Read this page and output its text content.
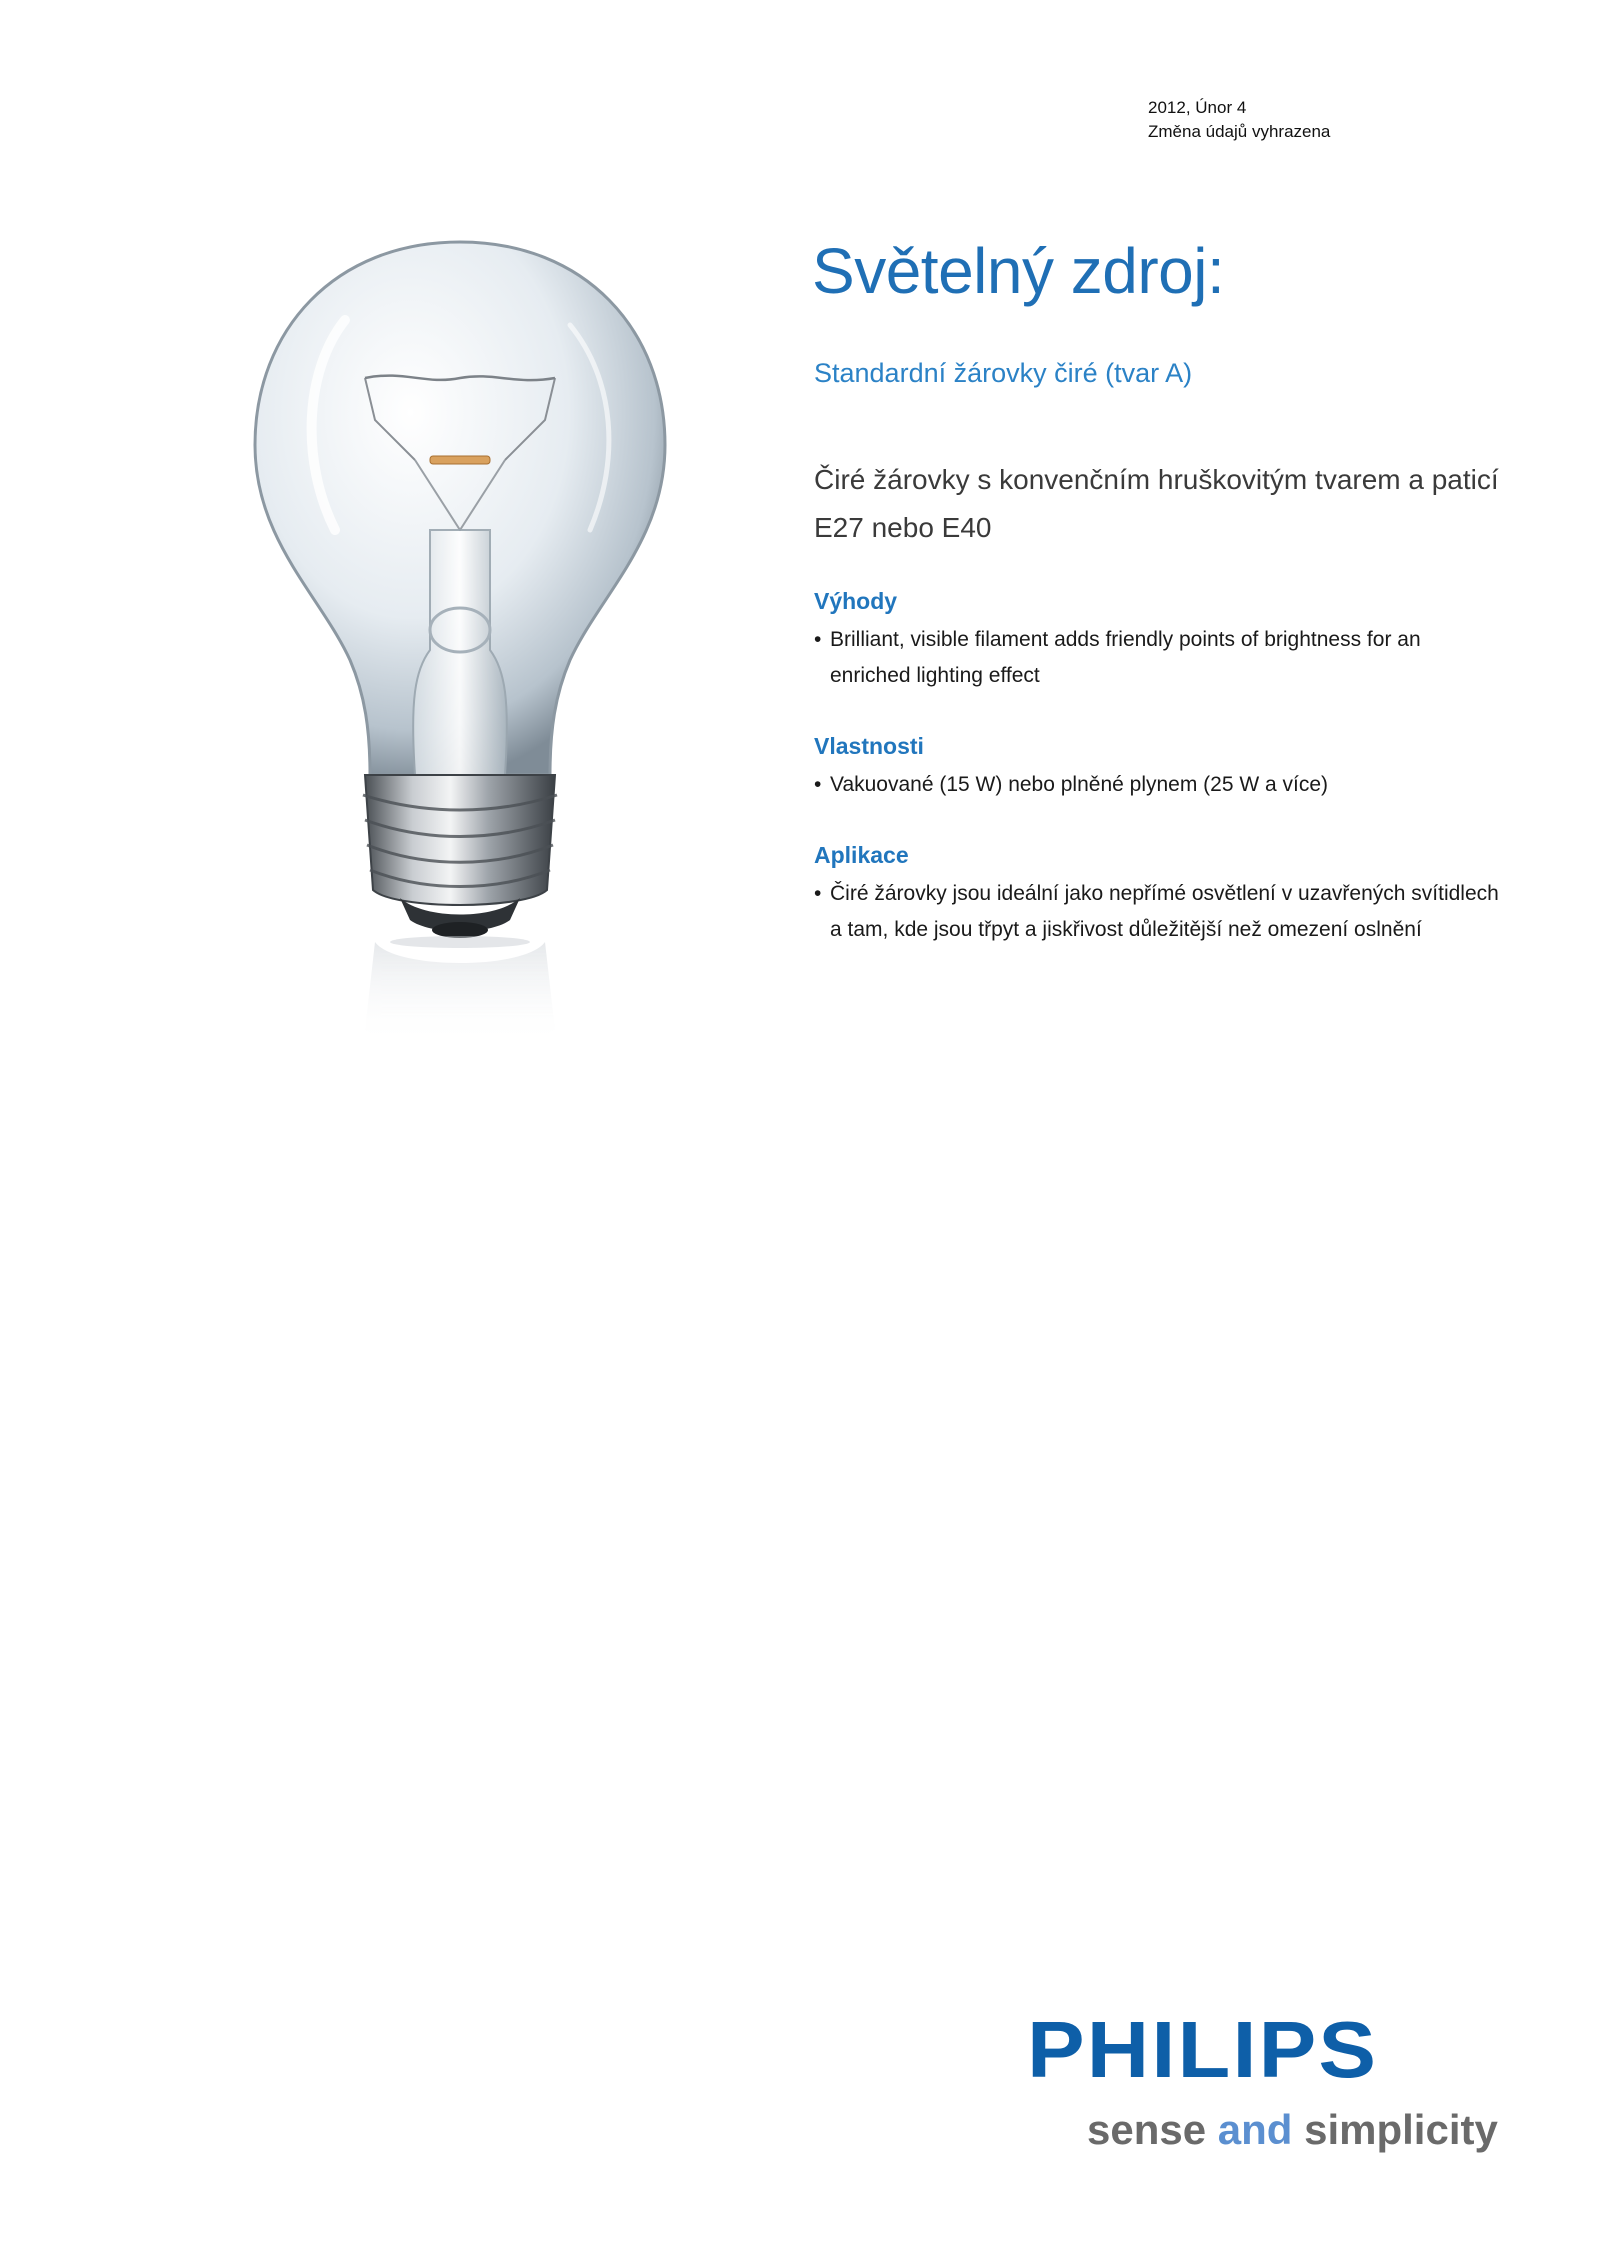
2012, Únor 4
Změna údajů vyhrazena
Světelný zdroj:
Standardní žárovky čiré (tvar A)
Čiré žárovky s konvenčním hruškovitým tvarem a paticí E27 nebo E40
Výhody
• Brilliant, visible filament adds friendly points of brightness for an enriched lighting effect
Vlastnosti
• Vakuované (15 W) nebo plněné plynem (25 W a více)
Aplikace
• Čiré žárovky jsou ideální jako nepřímé osvětlení v uzavřených svítidlech a tam, kde jsou třpyt a jiskřivost důležitější než omezení oslnění
PHILIPS
sense and simplicity
